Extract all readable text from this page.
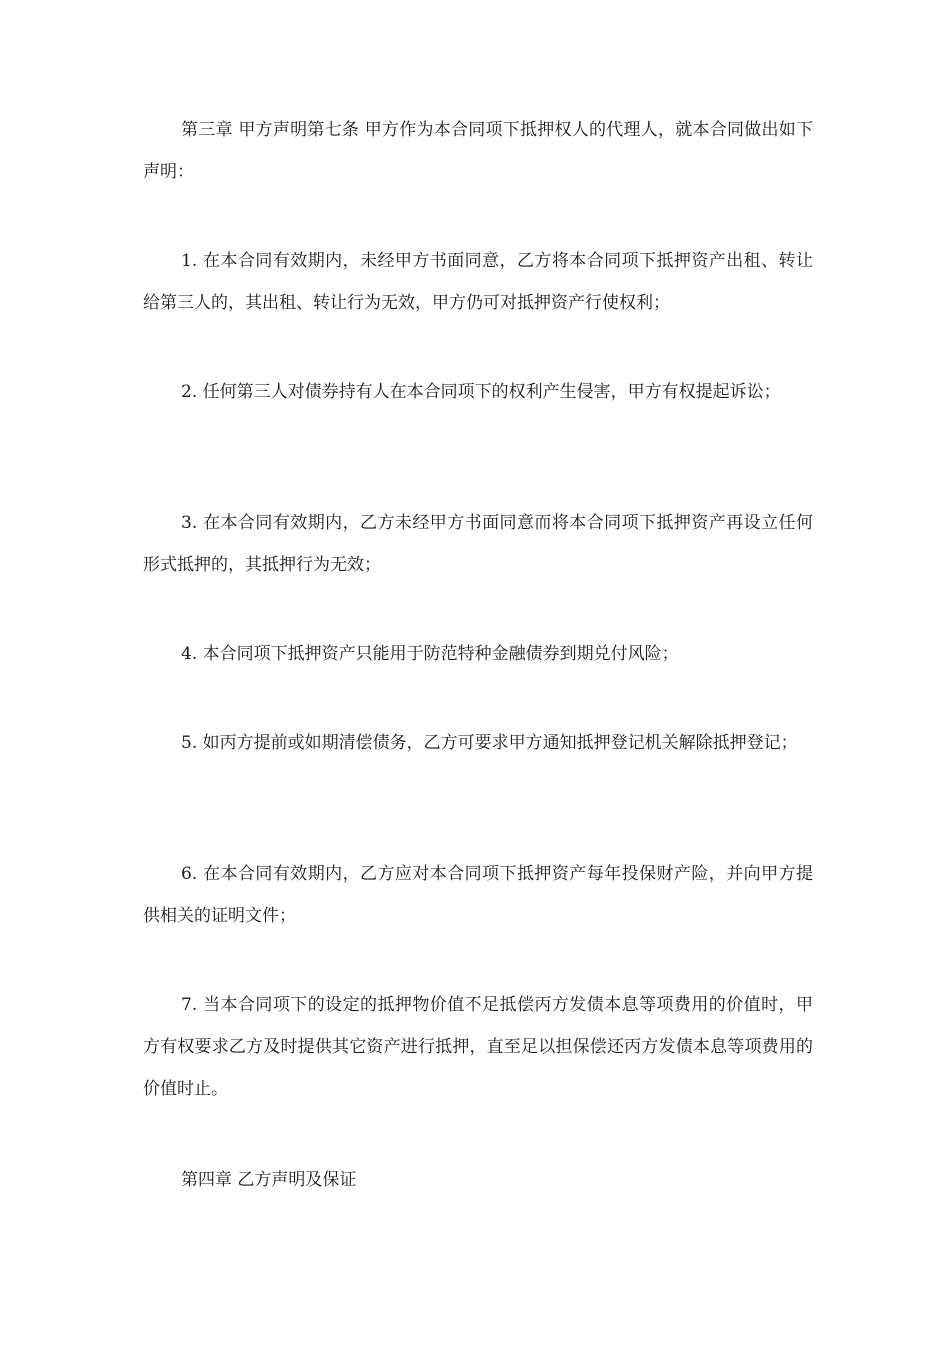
第三章 甲方声明第七条 甲方作为本合同项下抵押权人的代理人，就本合同做出如下声明：

1. 在本合同有效期内，未经甲方书面同意，乙方将本合同项下抵押资产出租、转让给第三人的，其出租、转让行为无效，甲方仍可对抵押资产行使权利；

2. 任何第三人对债券持有人在本合同项下的权利产生侵害，甲方有权提起诉讼；

3. 在本合同有效期内，乙方未经甲方书面同意而将本合同项下抵押资产再设立任何形式抵押的，其抵押行为无效；

4. 本合同项下抵押资产只能用于防范特种金融债券到期兑付风险；

5. 如丙方提前或如期清偿债务，乙方可要求甲方通知抵押登记机关解除抵押登记；

6. 在本合同有效期内，乙方应对本合同项下抵押资产每年投保财产险，并向甲方提供相关的证明文件；

7. 当本合同项下的设定的抵押物价值不足抵偿丙方发债本息等项费用的价值时，甲方有权要求乙方及时提供其它资产进行抵押，直至足以担保偿还丙方发债本息等项费用的价值时止。

第四章 乙方声明及保证
